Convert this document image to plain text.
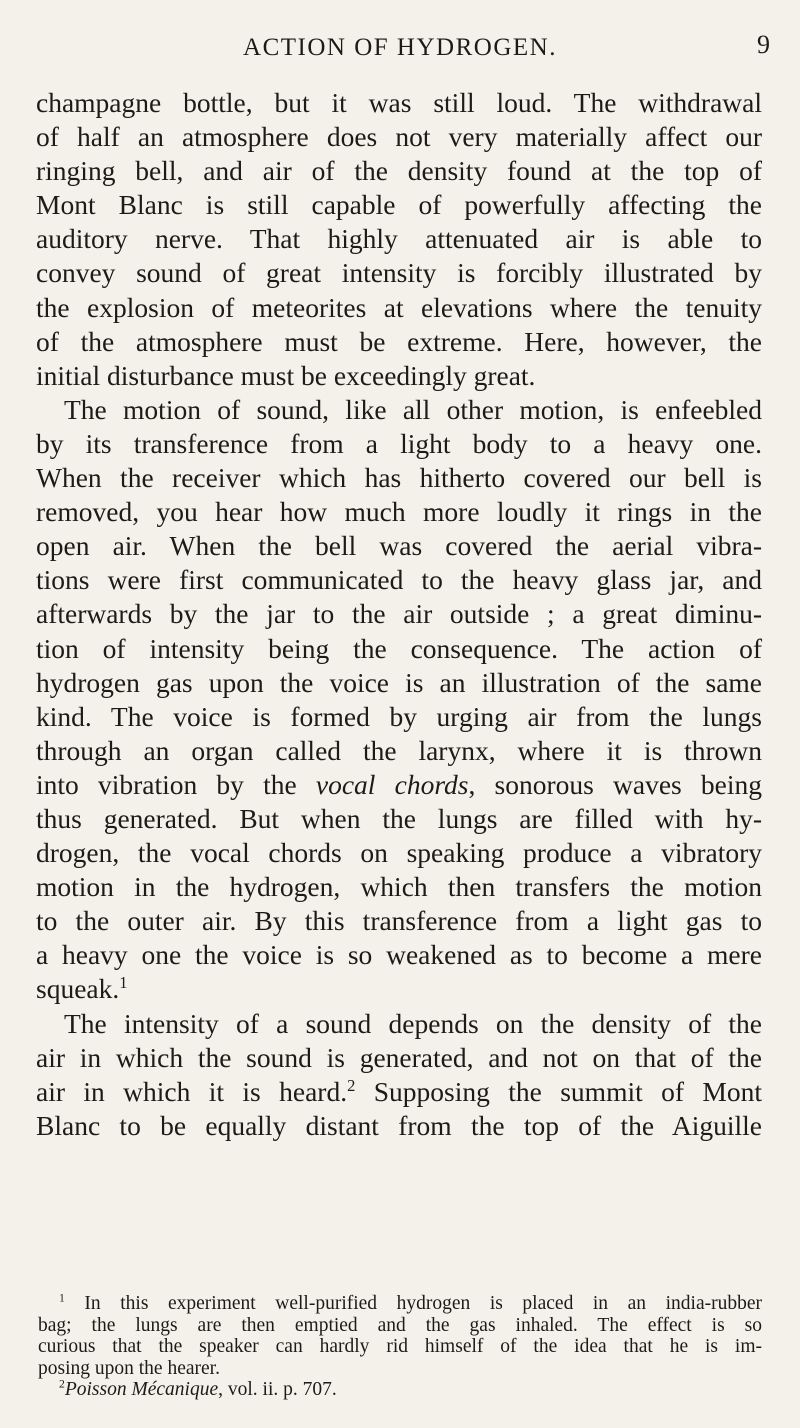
ACTION OF HYDROGEN.	9
champagne bottle, but it was still loud. The withdrawal
of half an atmosphere does not very materially affect our
ringing bell, and air of the density found at the top of
Mont Blanc is still capable of powerfully affecting the
auditory nerve. That highly attenuated air is able to
convey sound of great intensity is forcibly illustrated by
the explosion of meteorites at elevations where the tenuity
of the atmosphere must be extreme. Here, however, the
initial disturbance must be exceedingly great.
The motion of sound, like all other motion, is enfeebled
by its transference from a light body to a heavy one.
When the receiver which has hitherto covered our bell is
removed, you hear how much more loudly it rings in the
open air. When the bell was covered the aerial vibra-
tions were first communicated to the heavy glass jar, and
afterwards by the jar to the air outside ; a great diminu-
tion of intensity being the consequence. The action of
hydrogen gas upon the voice is an illustration of the same
kind. The voice is formed by urging air from the lungs
through an organ called the larynx, where it is thrown
into vibration by the vocal chords, sonorous waves being
thus generated. But when the lungs are filled with hy-
drogen, the vocal chords on speaking produce a vibratory
motion in the hydrogen, which then transfers the motion
to the outer air. By this transference from a light gas to
a heavy one the voice is so weakened as to become a mere
squeak.$^1$
The intensity of a sound depends on the density of the
air in which the sound is generated, and not on that of the
air in which it is heard.$^2$ Supposing the summit of Mont
Blanc to be equally distant from the top of the Aiguille
$^1$ In this experiment well-purified hydrogen is placed in an india-rubber
bag; the lungs are then emptied and the gas inhaled. The effect is so
curious that the speaker can hardly rid himself of the idea that he is im-
posing upon the hearer.
$^2$Poisson Mécanique, vol. ii. p. 707.
